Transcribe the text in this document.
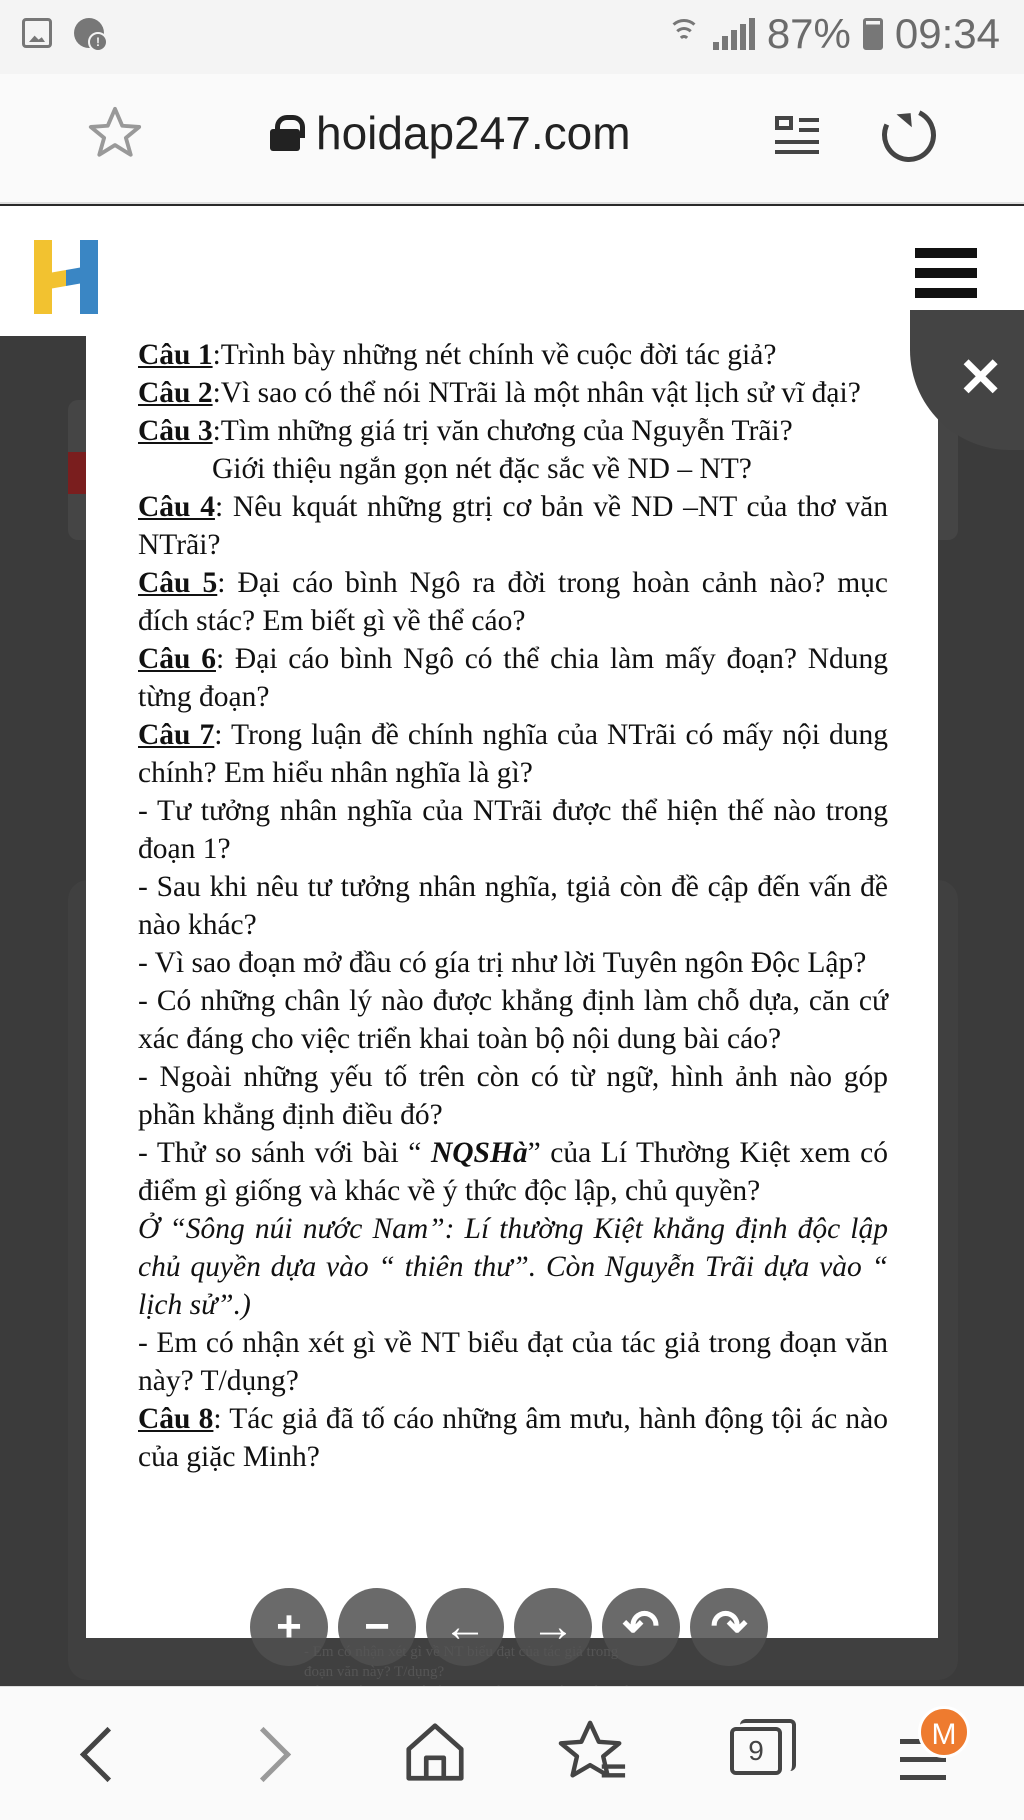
!
87% 09:34
hoidap247.com

Câu 1:Trình bày những nét chính về cuộc đời tác giả?

Câu 2:Vì sao có thể nói NTrãi là một nhân vật lịch sử vĩ đại?

Câu 3:Tìm những giá trị văn chương của Nguyễn Trãi?

Giới thiệu ngắn gọn nét đặc sắc về ND – NT?

Câu 4: Nêu kquát những gtrị cơ bản về ND –NT của thơ văn NTrãi?

Câu 5: Đại cáo bình Ngô ra đời trong hoàn cảnh nào? mục đích stác? Em biết gì về thể cáo?

Câu 6: Đại cáo bình Ngô có thể chia làm mấy đoạn? Ndung từng đoạn?

Câu 7: Trong luận đề chính nghĩa của NTrãi có mấy nội dung chính? Em hiểu nhân nghĩa là gì?

- Tư tưởng nhân nghĩa của NTrãi được thể hiện thế nào trong đoạn 1?

- Sau khi nêu tư tưởng nhân nghĩa, tgiả còn đề cập đến vấn đề nào khác?

- Vì sao đoạn mở đầu có gía trị như lời Tuyên ngôn Độc Lập?

- Có những chân lý nào được khẳng định làm chỗ dựa, căn cứ xác đáng cho việc triển khai toàn bộ nội dung bài cáo?

- Ngoài những yếu tố trên còn có từ ngữ, hình ảnh nào góp phần khẳng định điều đó?

- Thử so sánh với bài “ NQSHà” của Lí Thường Kiệt xem có điểm gì giống và khác về ý thức độc lập, chủ quyền?

Ở “Sông núi nước Nam”: Lí thường Kiệt khẳng định độc lập chủ quyền dựa vào “ thiên thư”. Còn Nguyễn Trãi dựa vào “ lịch sử”.)

- Em có nhận xét gì về NT biểu đạt của tác giả trong đoạn văn này? T/dụng?

Câu 8: Tác giả đã tố cáo những âm mưu, hành động tội ác nào của giặc Minh?

✕
+	−	←	→	↶	↷
- Em có nhận xét gì về NT biểu đạt của tác giả trong
đoạn văn này? T/dụng?
9	M
